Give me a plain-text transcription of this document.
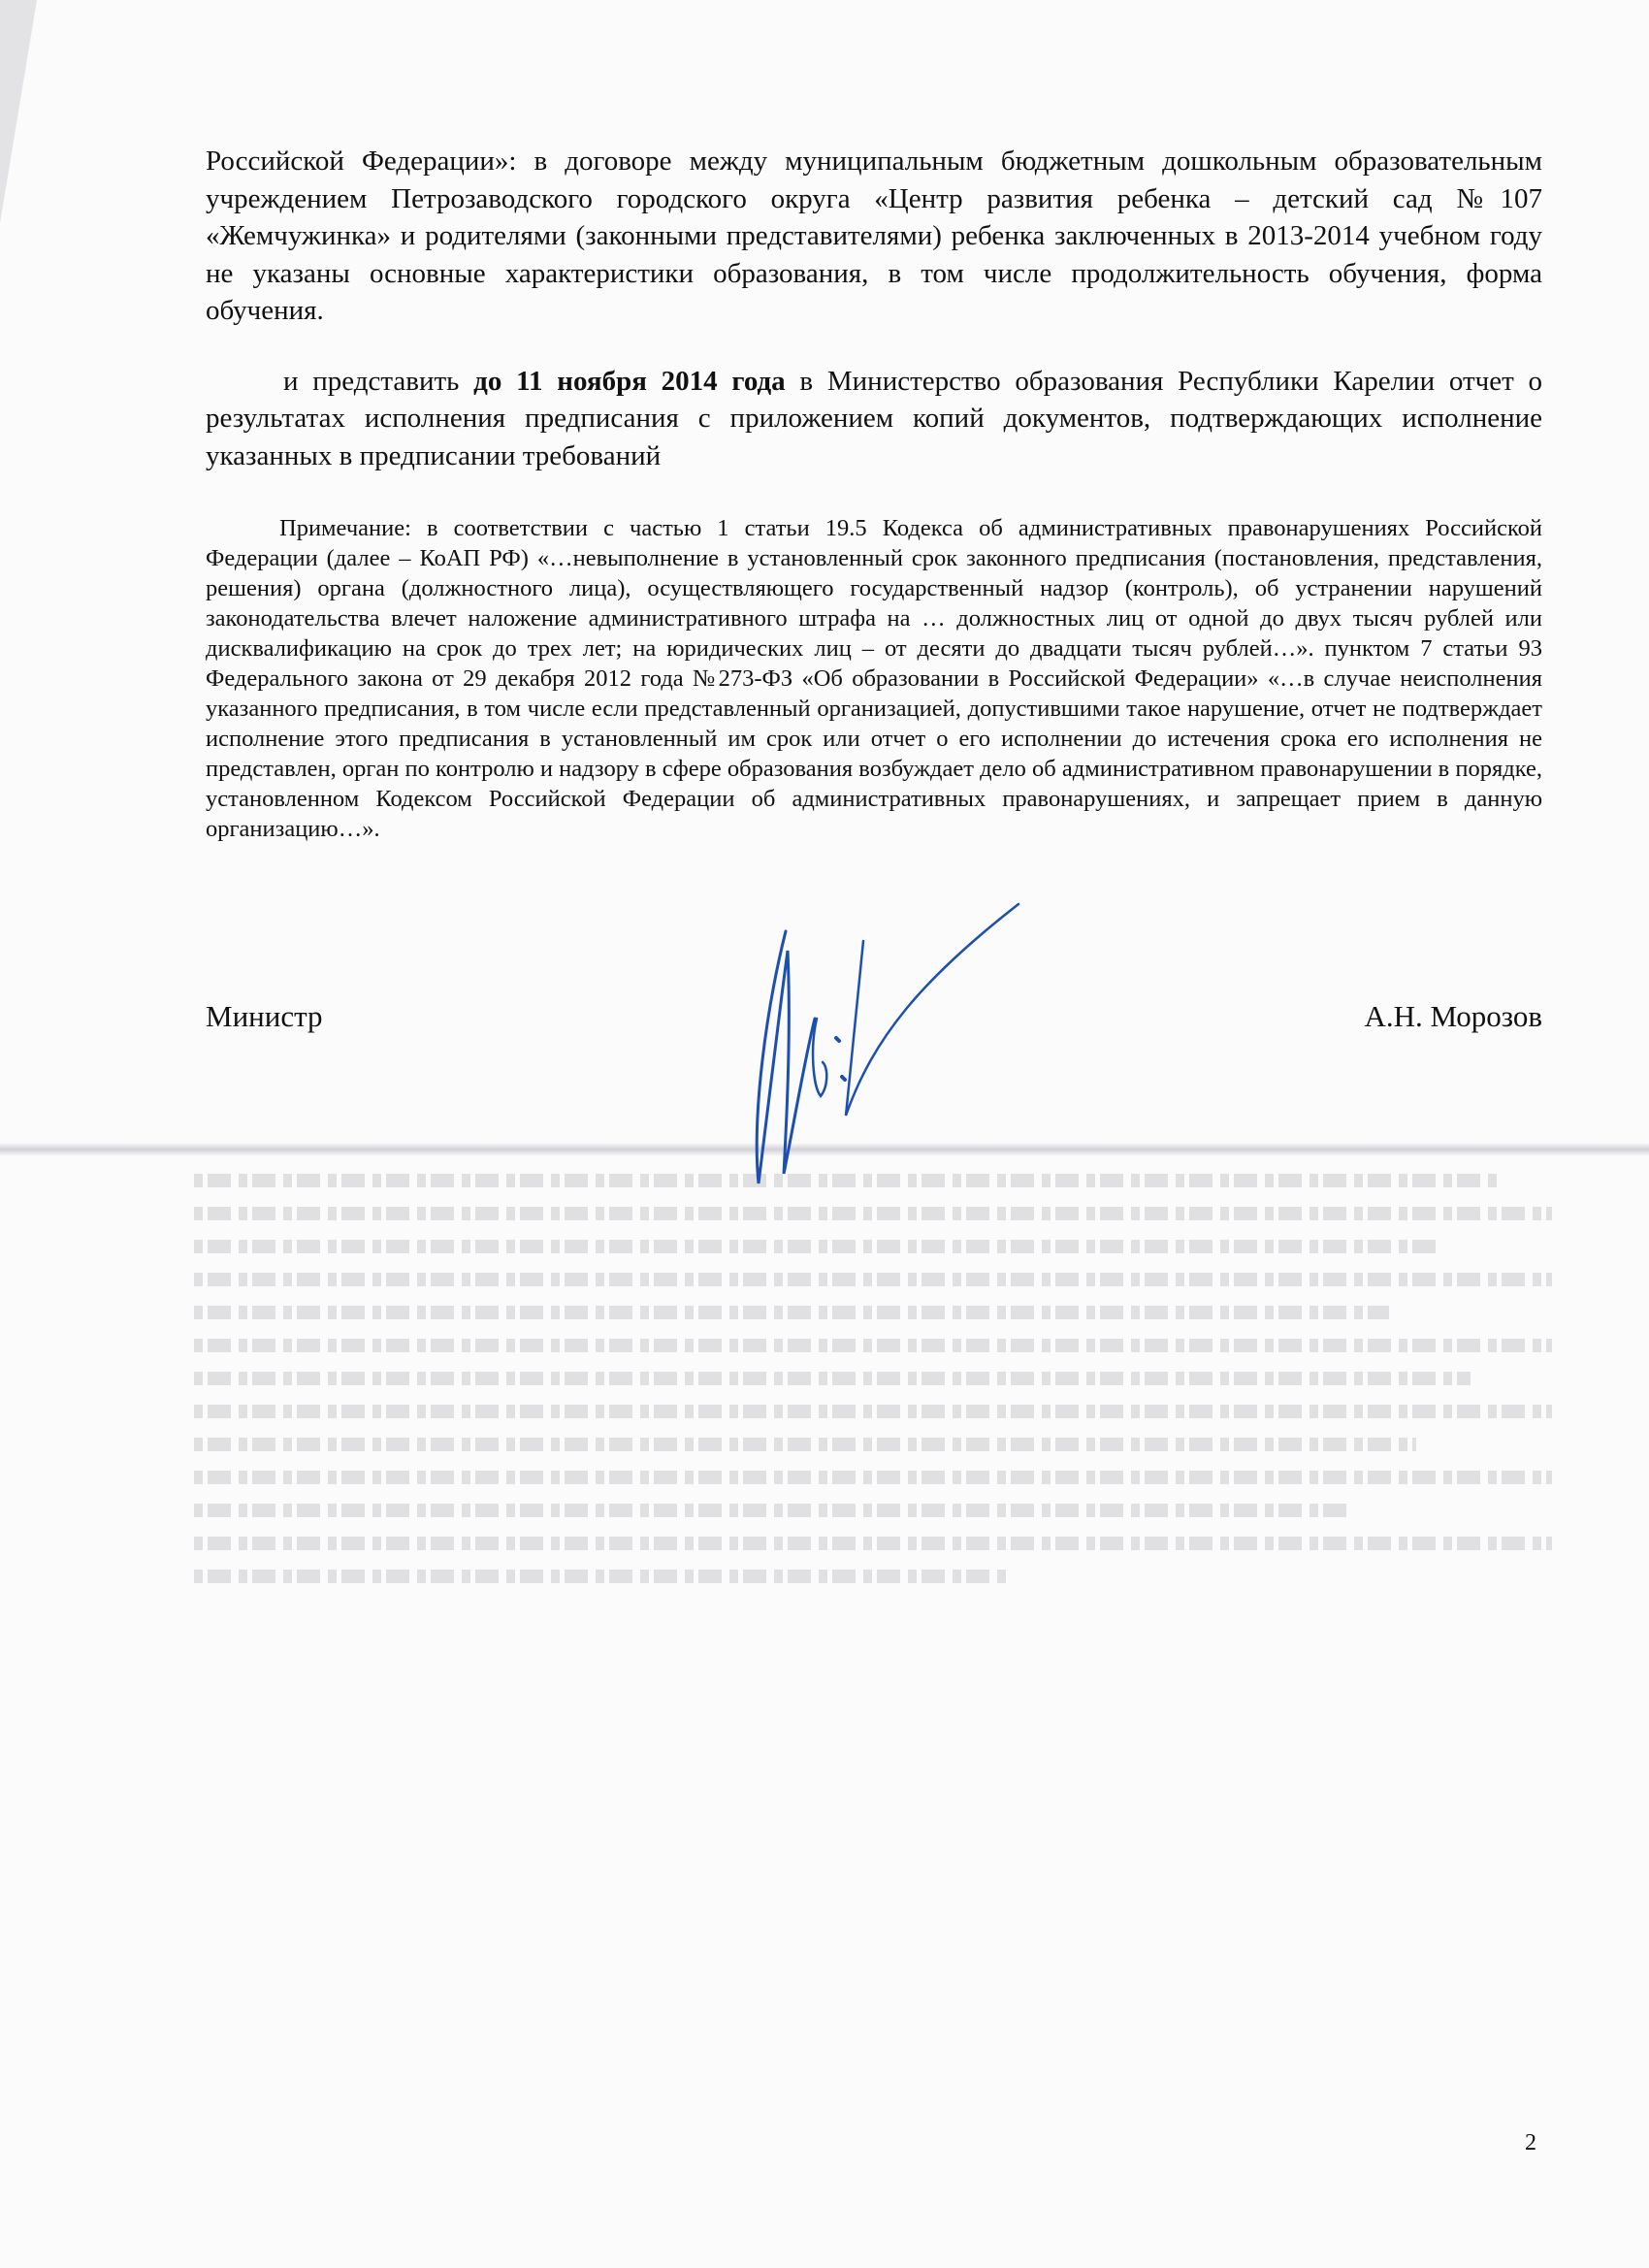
Российской Федерации»: в договоре между муниципальным бюджетным дошкольным образовательным учреждением Петрозаводского городского округа «Центр развития ребенка – детский сад №107 «Жемчужинка» и родителями (законными представителями) ребенка заключенных в 2013-2014 учебном году не указаны основные характеристики образования, в том числе продолжительность обучения, форма обучения.

и представить до 11 ноября 2014 года в Министерство образования Республики Карелии отчет о результатах исполнения предписания с приложением копий документов, подтверждающих исполнение указанных в предписании требований

Примечание: в соответствии с частью 1 статьи 19.5 Кодекса об административных правонарушениях Российской Федерации (далее – КоАП РФ) «…невыполнение в установленный срок законного предписания (постановления, представления, решения) органа (должностного лица), осуществляющего государственный надзор (контроль), об устранении нарушений законодательства влечет наложение административного штрафа на … должностных лиц от одной до двух тысяч рублей или дисквалификацию на срок до трех лет; на юридических лиц – от десяти до двадцати тысяч рублей…». пунктом 7 статьи 93 Федерального закона от 29 декабря 2012 года №273-ФЗ «Об образовании в Российской Федерации» «…в случае неисполнения указанного предписания, в том числе если представленный организацией, допустившими такое нарушение, отчет не подтверждает исполнение этого предписания в установленный им срок или отчет о его исполнении до истечения срока его исполнения не представлен, орган по контролю и надзору в сфере образования возбуждает дело об административном правонарушении в порядке, установленном Кодексом Российской Федерации об административных правонарушениях, и запрещает прием в данную организацию…».

Министр	А.Н. Морозов
2
